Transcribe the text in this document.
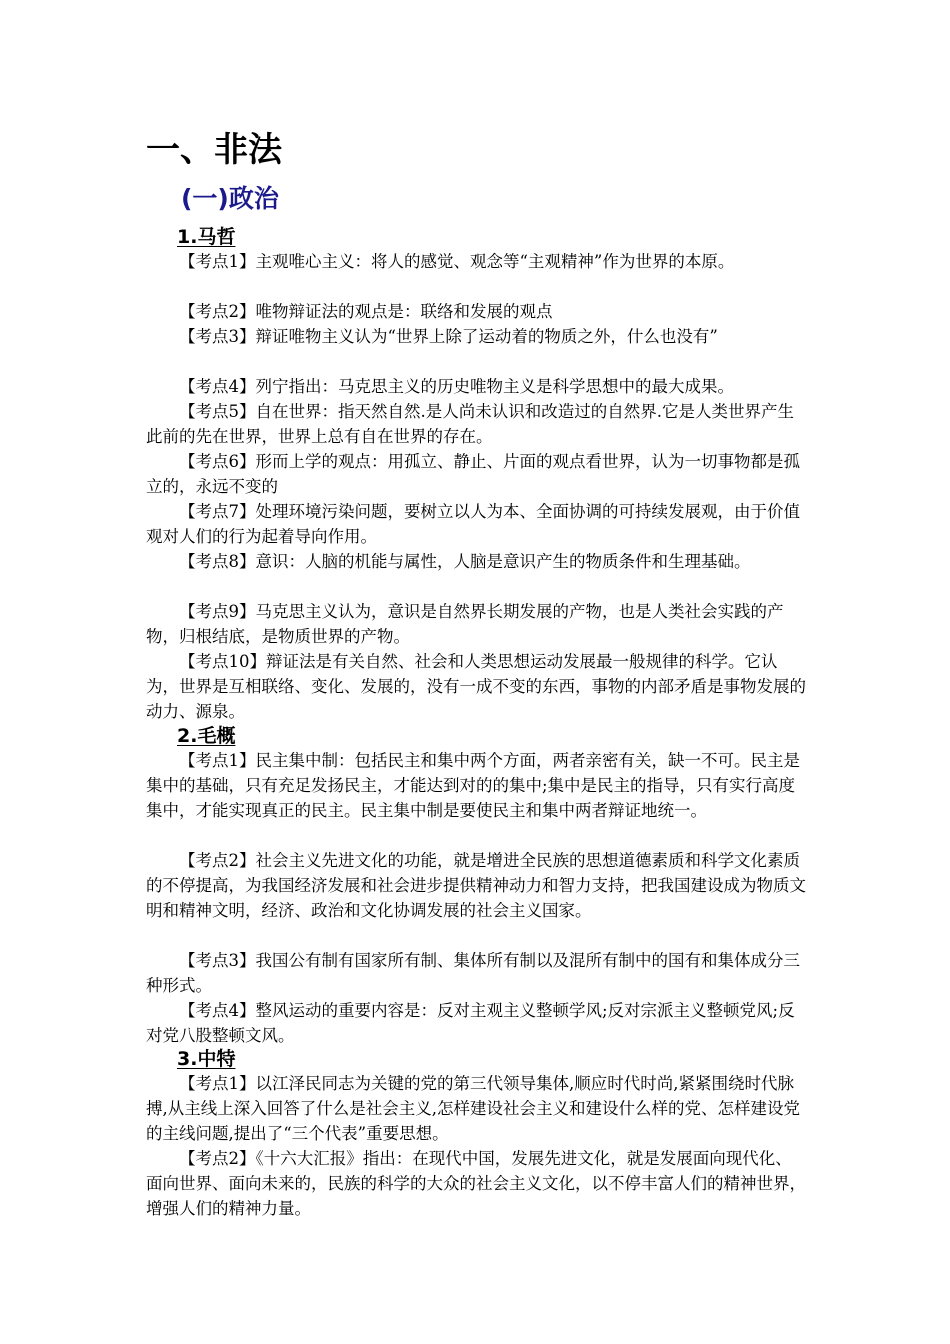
一、非法
(一)政治
1.马哲

【考点1】主观唯心主义：将人的感觉、观念等“主观精神”作为世界的本原。

【考点2】唯物辩证法的观点是：联络和发展的观点

【考点3】辩证唯物主义认为“世界上除了运动着的物质之外，什么也没有”

【考点4】列宁指出：马克思主义的历史唯物主义是科学思想中的最大成果。

【考点5】自在世界：指天然自然.是人尚未认识和改造过的自然界.它是人类世界产生此前的先在世界，世界上总有自在世界的存在。

【考点6】形而上学的观点：用孤立、静止、片面的观点看世界，认为一切事物都是孤立的，永远不变的

【考点7】处理环境污染问题，要树立以人为本、全面协调的可持续发展观，由于价值观对人们的行为起着导向作用。

【考点8】意识：人脑的机能与属性，人脑是意识产生的物质条件和生理基础。

【考点9】马克思主义认为，意识是自然界长期发展的产物，也是人类社会实践的产物，归根结底，是物质世界的产物。

【考点10】辩证法是有关自然、社会和人类思想运动发展最一般规律的科学。它认为，世界是互相联络、变化、发展的，没有一成不变的东西，事物的内部矛盾是事物发展的动力、源泉。

2.毛概

【考点1】民主集中制：包括民主和集中两个方面，两者亲密有关，缺一不可。民主是集中的基础，只有充足发扬民主，才能达到对的的集中;集中是民主的指导，只有实行高度集中，才能实现真正的民主。民主集中制是要使民主和集中两者辩证地统一。

【考点2】社会主义先进文化的功能，就是增进全民族的思想道德素质和科学文化素质的不停提高，为我国经济发展和社会进步提供精神动力和智力支持，把我国建设成为物质文明和精神文明，经济、政治和文化协调发展的社会主义国家。

【考点3】我国公有制有国家所有制、集体所有制以及混所有制中的国有和集体成分三种形式。

【考点4】整风运动的重要内容是：反对主观主义整顿学风;反对宗派主义整顿党风;反对党八股整顿文风。

3.中特

【考点1】以江泽民同志为关键的党的第三代领导集体,顺应时代时尚,紧紧围绕时代脉搏,从主线上深入回答了什么是社会主义,怎样建设社会主义和建设什么样的党、怎样建设党的主线问题,提出了“三个代表”重要思想。

【考点2】《十六大汇报》指出：在现代中国，发展先进文化，就是发展面向现代化、面向世界、面向未来的，民族的科学的大众的社会主义文化，以不停丰富人们的精神世界，增强人们的精神力量。
